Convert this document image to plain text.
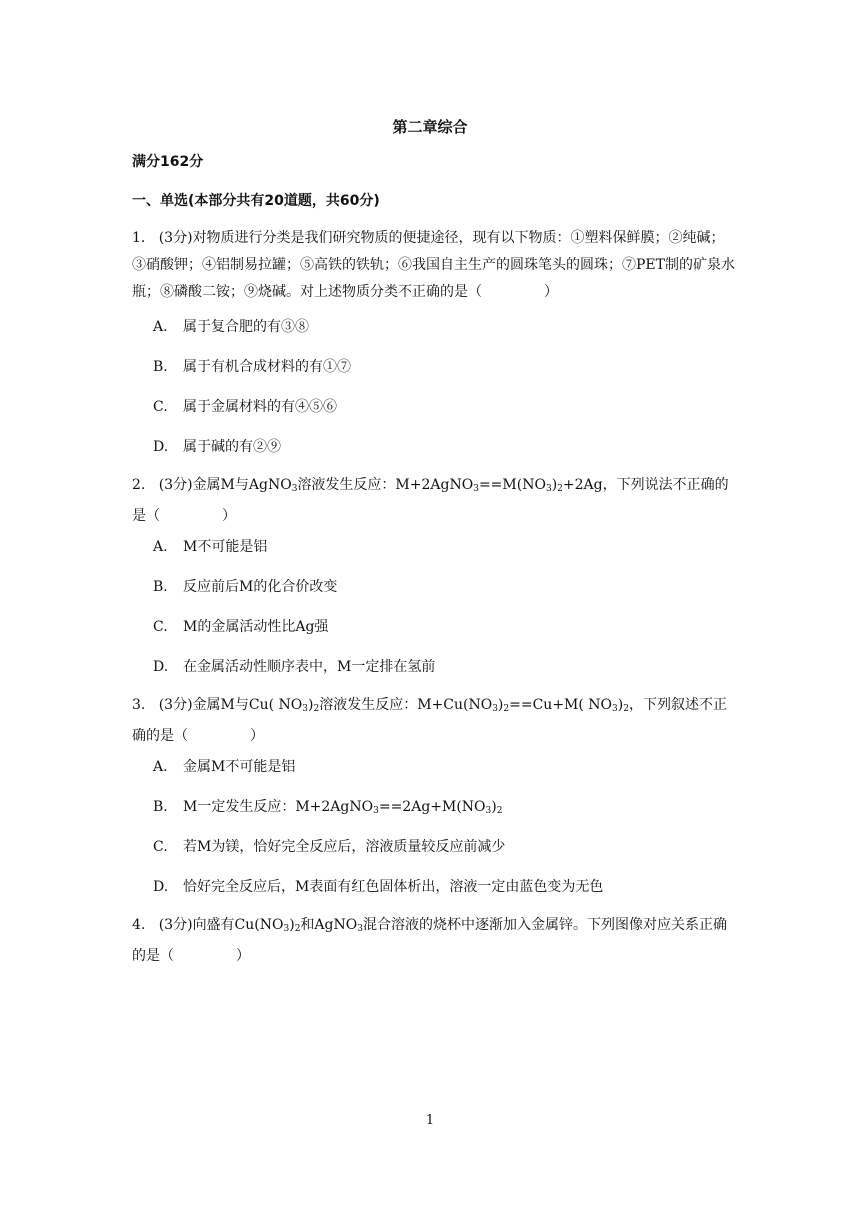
第二章综合
满分162分
一、单选(本部分共有20道题，共60分)
1. (3分)对物质进行分类是我们研究物质的便捷途径，现有以下物质：①塑料保鲜膜；②纯碱；③硝酸钾；④铝制易拉罐；⑤高铁的铁轨；⑥我国自主生产的圆珠笔头的圆珠；⑦PET制的矿泉水瓶；⑧磷酸二铵；⑨烧碱。对上述物质分类不正确的是（	）
A. 属于复合肥的有③⑧
B. 属于有机合成材料的有①⑦
C. 属于金属材料的有④⑤⑥
D. 属于碱的有②⑨
2. (3分)金属M与AgNO$_3$溶液发生反应：$M+2AgNO_3==M(NO_3)_2+2Ag$，下列说法不正确的是（	）
A. M不可能是铝
B. 反应前后M的化合价改变
C. M的金属活动性比Ag强
D. 在金属活动性顺序表中，M一定排在氢前
3. (3分)金属M与Cu( $NO_3)_2$溶液发生反应：$M+Cu(NO_3)_2==Cu+M$( $NO_3)_2$，下列叙述不正确的是（	）
A. 金属M不可能是铝
B. M一定发生反应：$M+2AgNO_3==2Ag+M(NO_3)_2$
C. 若M为镁，恰好完全反应后，溶液质量较反应前减少
D. 恰好完全反应后，M表面有红色固体析出，溶液一定由蓝色变为无色
4. (3分)向盛有$Cu(NO_3)_2$和AgNO$_3$混合溶液的烧杯中逐渐加入金属锌。下列图像对应关系正确的是（	）
1
